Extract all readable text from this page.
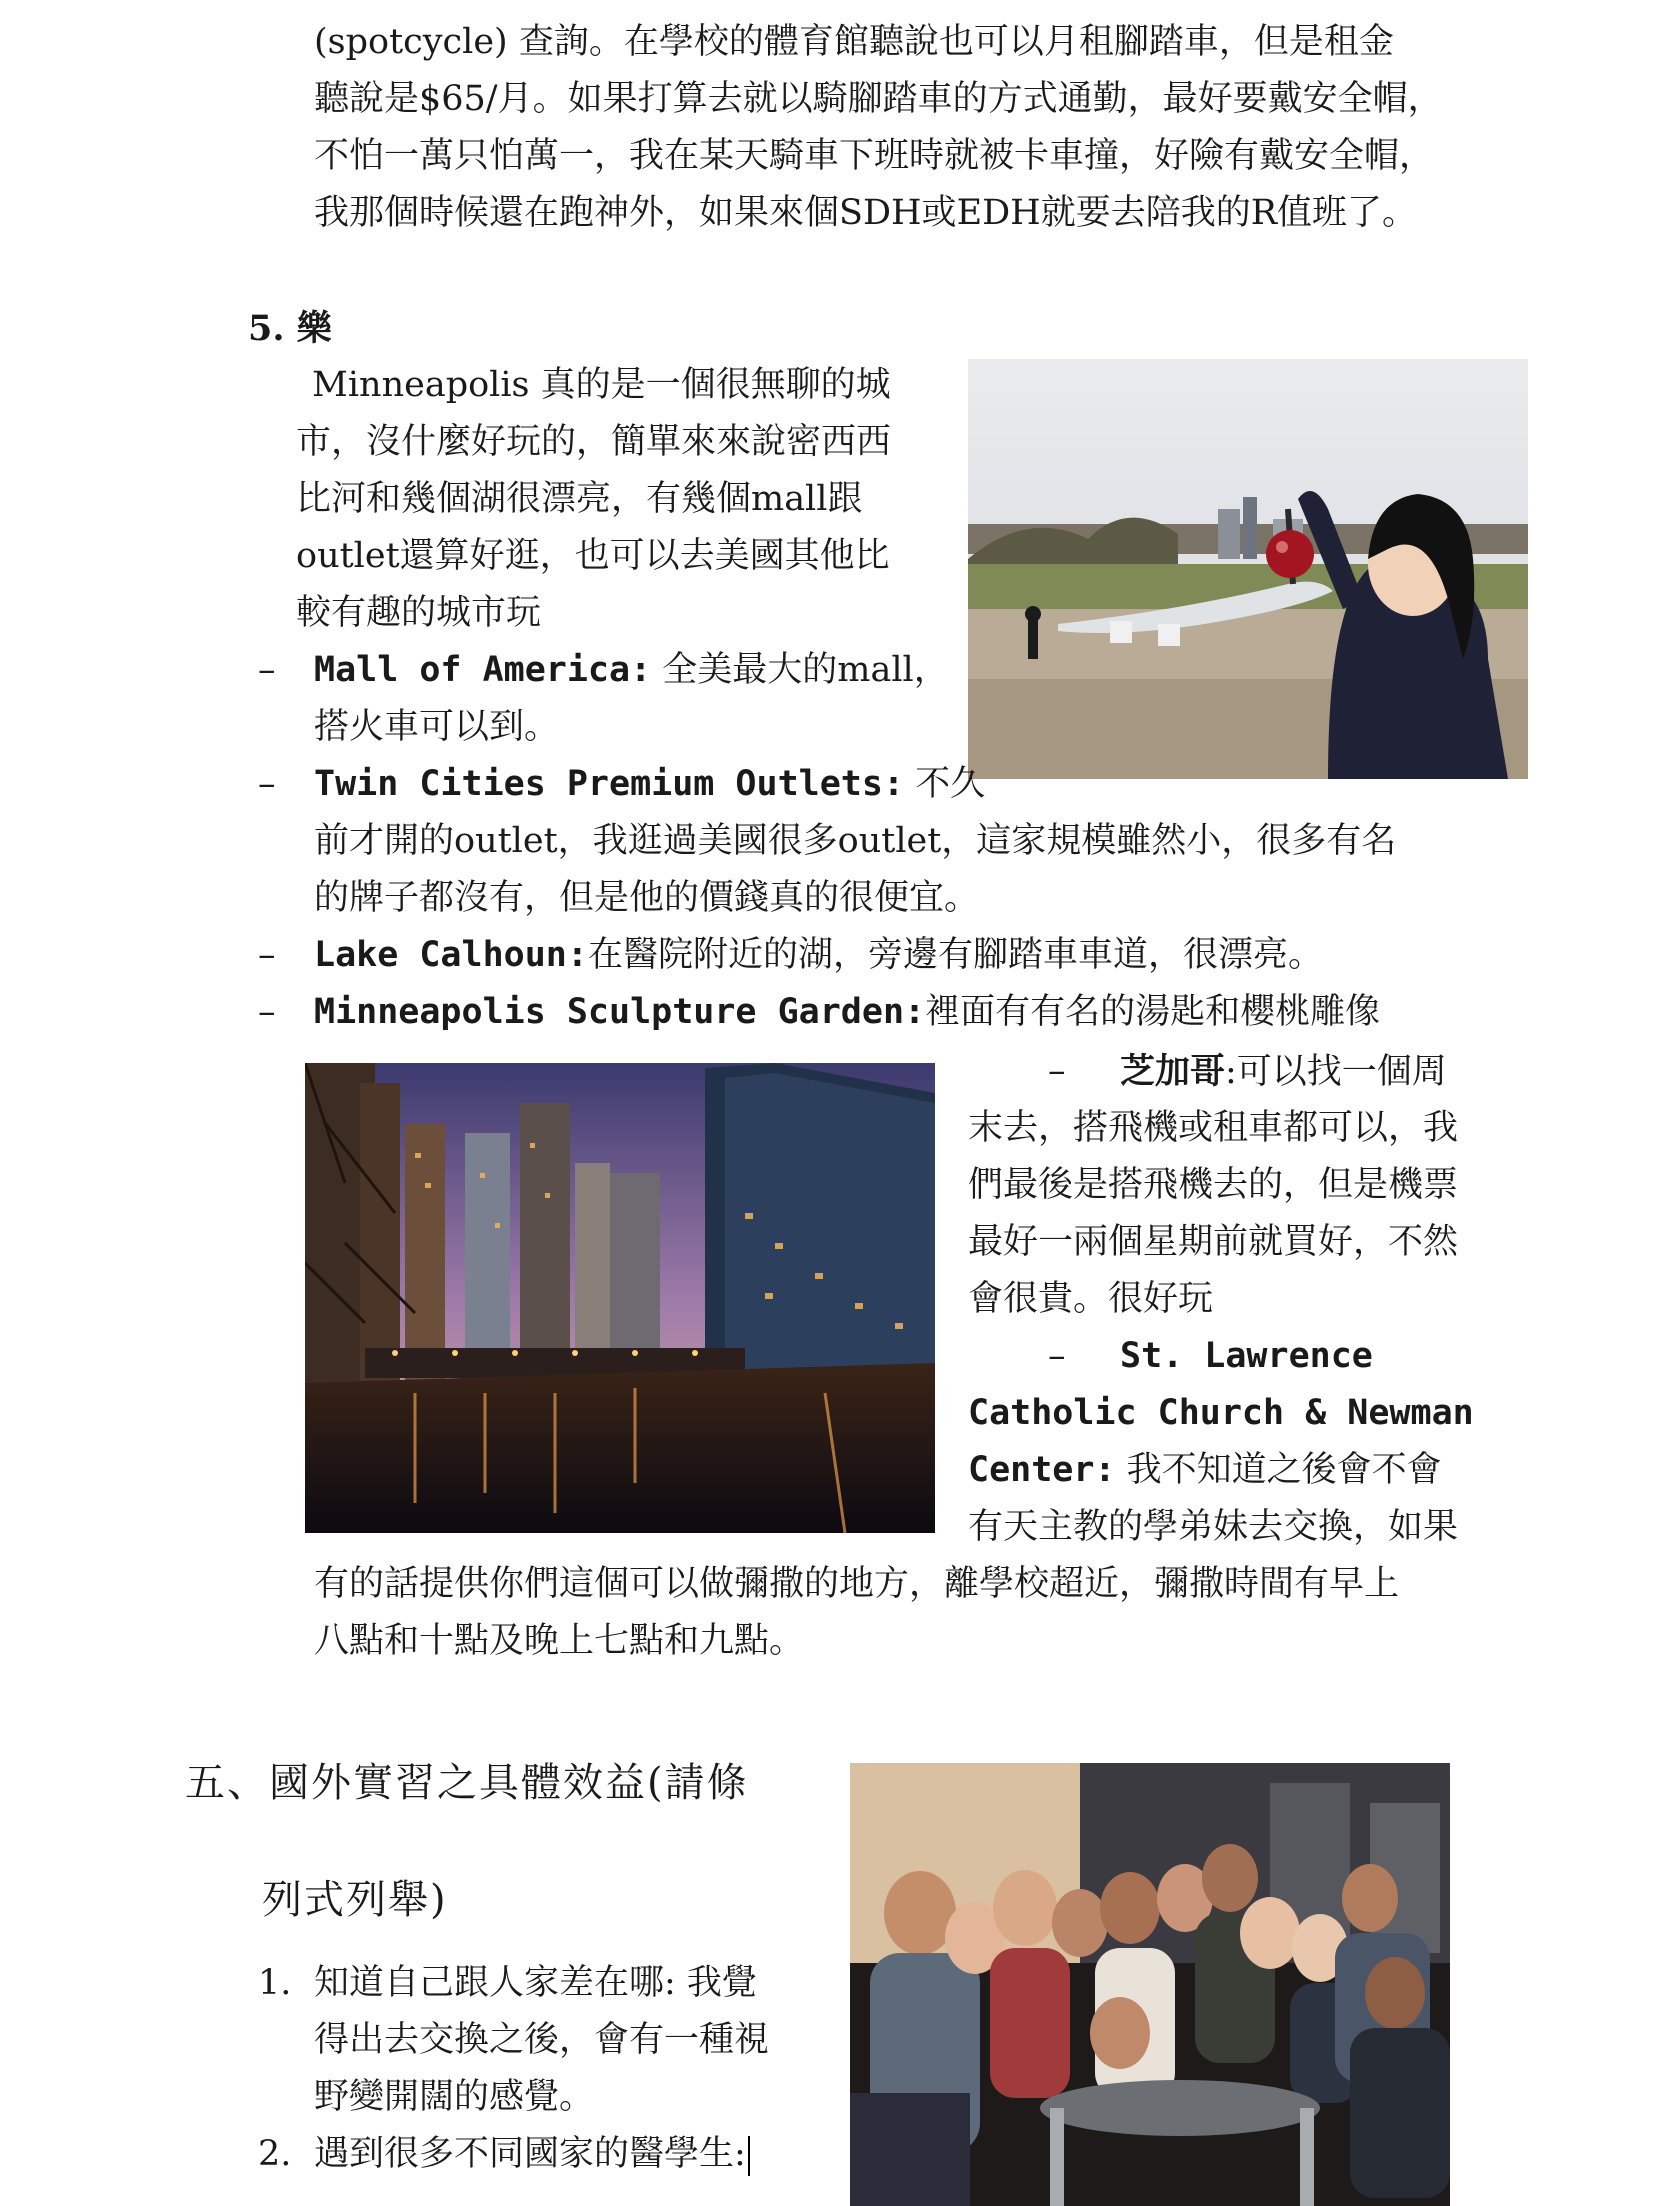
(spotcycle) 查詢。在學校的體育館聽說也可以月租腳踏車，但是租金
聽說是$65/月。如果打算去就以騎腳踏車的方式通勤，最好要戴安全帽，
不怕一萬只怕萬一，我在某天騎車下班時就被卡車撞，好險有戴安全帽，
我那個時候還在跑神外，如果來個SDH或EDH就要去陪我的R值班了。
5. 樂
Minneapolis 真的是一個很無聊的城
市，沒什麼好玩的，簡單來來說密西西
比河和幾個湖很漂亮，有幾個mall跟
outlet還算好逛，也可以去美國其他比
較有趣的城市玩
– Mall of America: 全美最大的mall，
搭火車可以到。
– Twin Cities Premium Outlets: 不久
前才開的outlet，我逛過美國很多outlet，這家規模雖然小，很多有名
的牌子都沒有，但是他的價錢真的很便宜。
– Lake Calhoun:在醫院附近的湖，旁邊有腳踏車車道，很漂亮。
– Minneapolis Sculpture Garden:裡面有有名的湯匙和櫻桃雕像
– 芝加哥:可以找一個周
末去，搭飛機或租車都可以，我
們最後是搭飛機去的，但是機票
最好一兩個星期前就買好，不然
會很貴。很好玩
– St. Lawrence
Catholic Church & Newman
Center: 我不知道之後會不會
有天主教的學弟妹去交換，如果
有的話提供你們這個可以做彌撒的地方，離學校超近，彌撒時間有早上
八點和十點及晚上七點和九點。
五、國外實習之具體效益(請條
列式列舉)
1. 知道自己跟人家差在哪: 我覺
得出去交換之後，會有一種視
野變開闊的感覺。
2. 遇到很多不同國家的醫學生:
